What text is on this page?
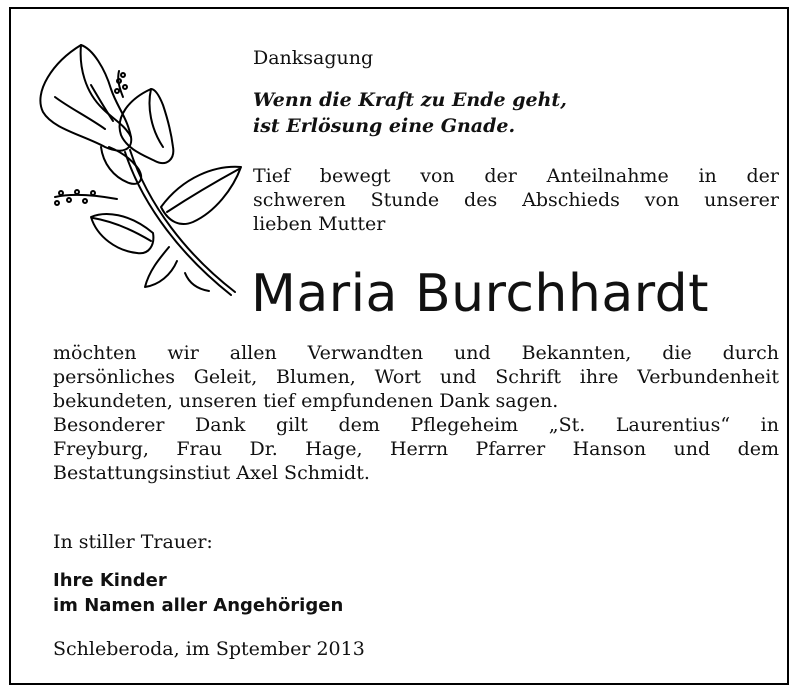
Danksagung

Wenn die Kraft zu Ende geht,
ist Erlösung eine Gnade.
Tief bewegt von der Anteilnahme in der
schweren Stunde des Abschieds von unserer
lieben Mutter
Maria Burchhardt
möchten wir allen Verwandten und Bekannten, die durch
persönliches Geleit, Blumen, Wort und Schrift ihre Verbundenheit
bekundeten, unseren tief empfundenen Dank sagen.
Besonderer Dank gilt dem Pflegeheim „St. Laurentius“ in
Freyburg, Frau Dr. Hage, Herrn Pfarrer Hanson und dem
Bestattungsinstiut Axel Schmidt.

In stiller Trauer:

Ihre Kinder
im Namen aller Angehörigen

Schleberoda, im Sptember 2013
